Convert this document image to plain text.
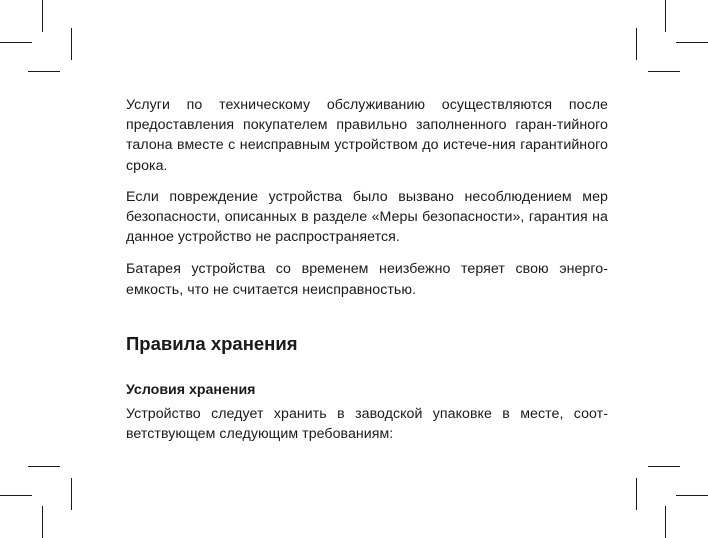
Услуги по техническому обслуживанию осуществляются после предоставления покупателем правильно заполненного гаран-тийного талона вместе с неисправным устройством до истече-ния гарантийного срока.

Если повреждение устройства было вызвано несоблюдением мер безопасности, описанных в разделе «Меры безопасности», гарантия на данное устройство не распространяется.

Батарея устройства со временем неизбежно теряет свою энерго-емкость, что не считается неисправностью.

Правила хранения
Условия хранения

Устройство следует хранить в заводской упаковке в месте, соот-ветствующем следующим требованиям:
